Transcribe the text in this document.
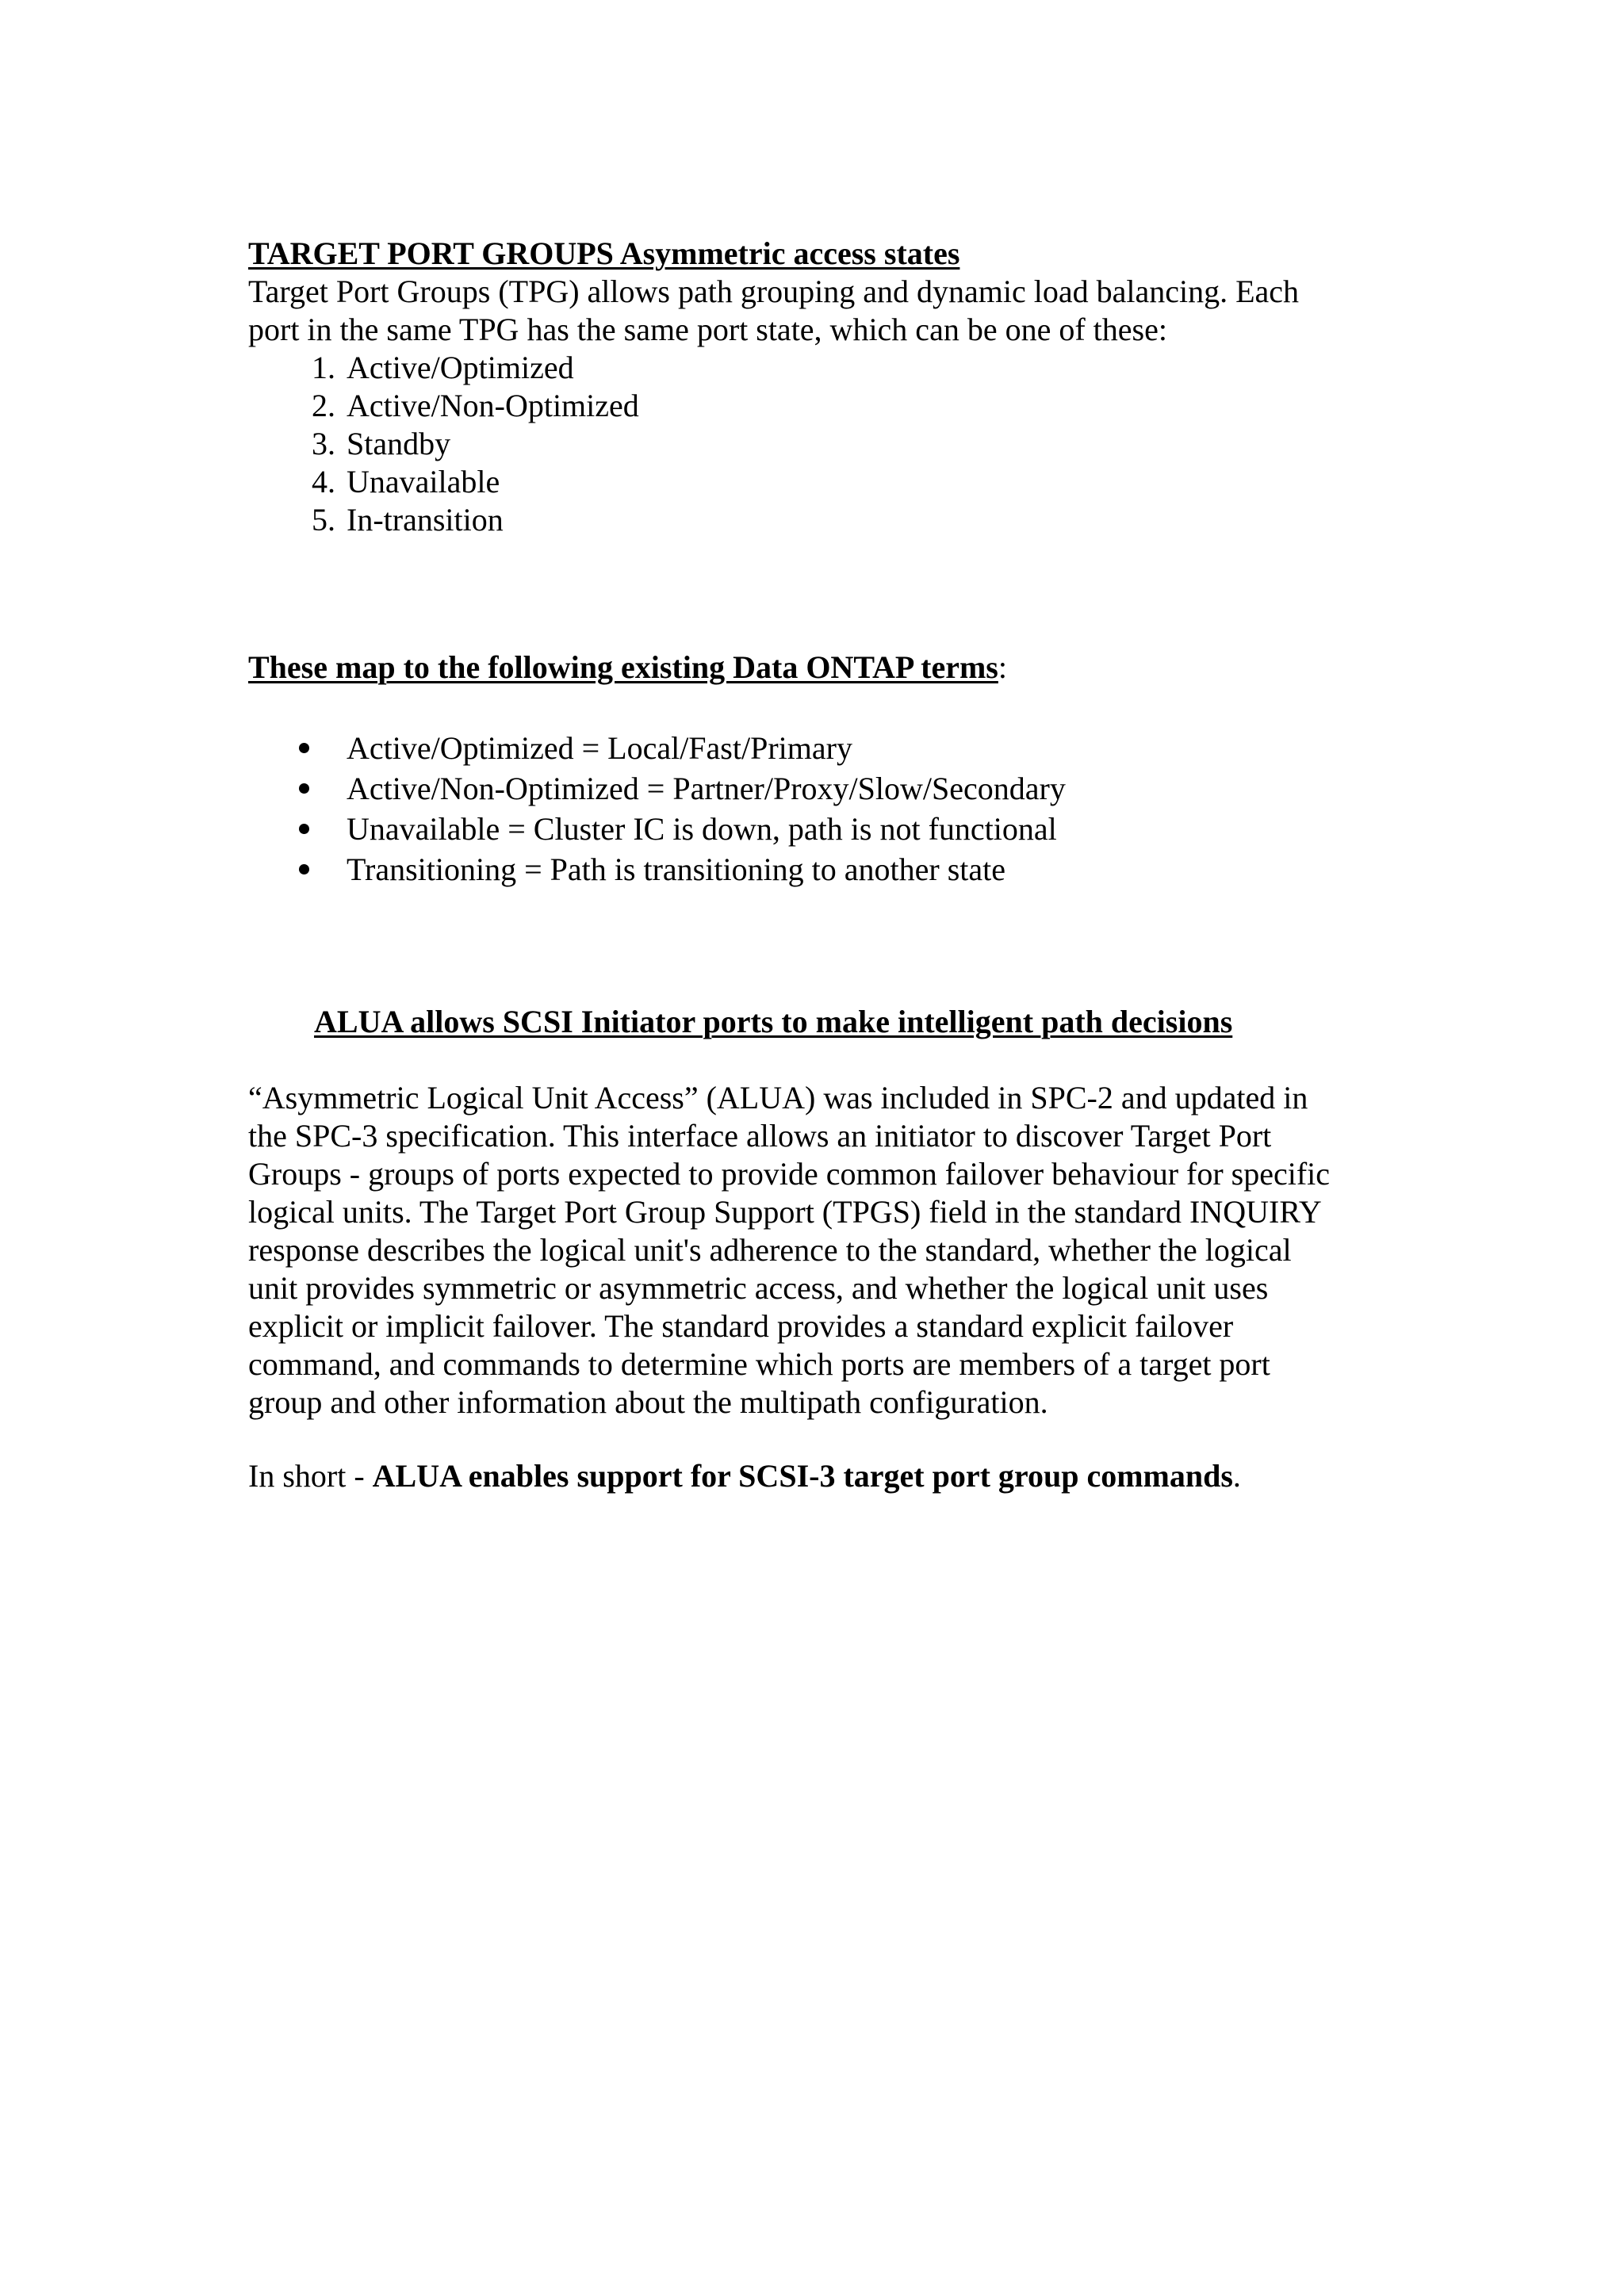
TARGET PORT GROUPS Asymmetric access states
Target Port Groups (TPG) allows path grouping and dynamic load balancing. Each
port in the same TPG has the same port state, which can be one of these:
1. Active/Optimized
2. Active/Non-Optimized
3. Standby
4. Unavailable
5. In-transition
These map to the following existing Data ONTAP terms:
Active/Optimized = Local/Fast/Primary
Active/Non-Optimized = Partner/Proxy/Slow/Secondary
Unavailable = Cluster IC is down, path is not functional
Transitioning = Path is transitioning to another state
ALUA allows SCSI Initiator ports to make intelligent path decisions
“Asymmetric Logical Unit Access” (ALUA) was included in SPC-2 and updated in
the SPC-3 specification. This interface allows an initiator to discover Target Port
Groups - groups of ports expected to provide common failover behaviour for specific
logical units. The Target Port Group Support (TPGS) field in the standard INQUIRY
response describes the logical unit's adherence to the standard, whether the logical
unit provides symmetric or asymmetric access, and whether the logical unit uses
explicit or implicit failover. The standard provides a standard explicit failover
command, and commands to determine which ports are members of a target port
group and other information about the multipath configuration.
In short - ALUA enables support for SCSI-3 target port group commands.
